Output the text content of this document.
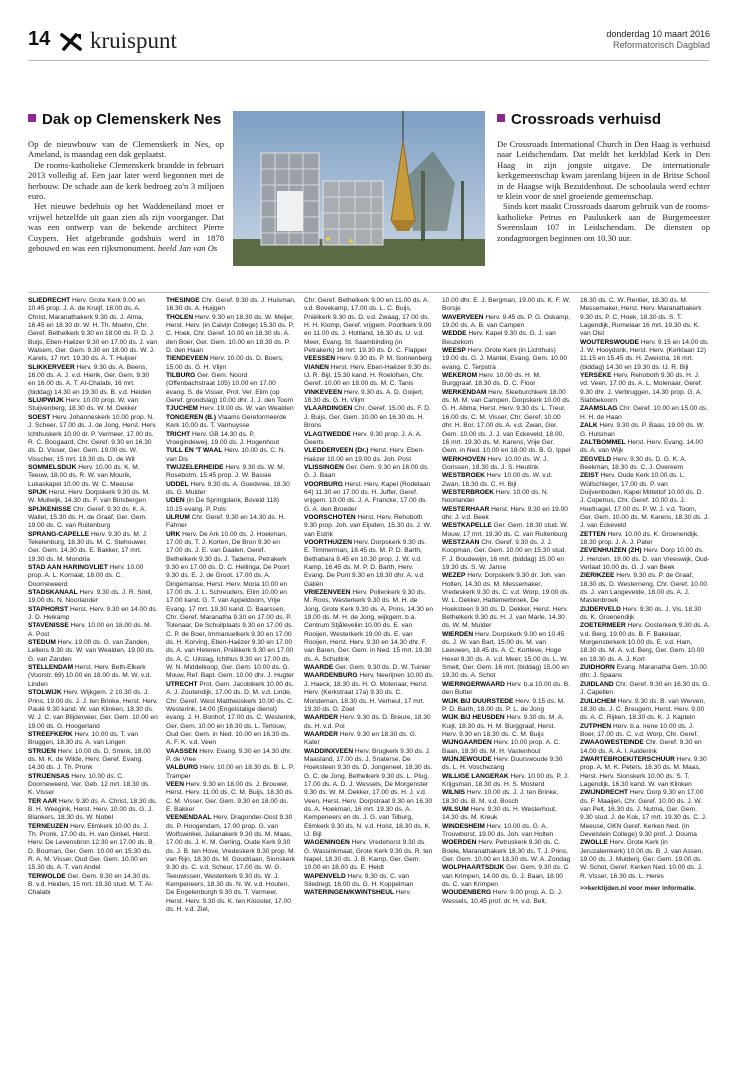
14 kruispunt	donderdag 10 maart 2016
Reformatorisch Dagblad
Dak op Clemenskerk Nes

Op de nieuwbouw van de Clemenskerk in Nes, op Ameland, is maandag een dak geplaatst.

De rooms-katholieke Clemenskerk brandde in februari 2013 volledig af. Een jaar later werd begonnen met de herbouw. De schade aan de kerk bedroeg zo'n 3 miljoen euro.

Het nieuwe bedehuis op het Waddeneiland moet er vrijwel hetzelfde uit gaan zien als zijn voorganger. Dat was een ontwerp van de bekende architect Pierre Cuypers. Het afgebrande godshuis werd in 1878 gebouwd en was een rijksmonument. beeld Jan van Os

Crossroads verhuisd

De Crossroads International Church in Den Haag is verhuisd naar Leidschendam. Dat meldt het kerkblad Kerk in Den Haag in zijn jongste uitgave. De internationale kerkgemeenschap kwam jarenlang bijeen in de Britse School in de Haagse wijk Bezuidenhout. De schoolaula werd echter te klein voor de snel groeiende gemeenschap.

Sinds kort maakt Crossroads daarom gebruik van de rooms-katholieke Petrus en Pauluskerk aan de Burgemeester Sweenslaan 107 in Leidschendam. De diensten op zondagmorgen beginnen om 10.30 uur.

SLIEDRECHT Herv. Grote Kerk 9.00 en 10.45 prop. J. A. de Kruijf, 18.00 ds. A. Christ, Maranathakerk 9.30 ds. J. Alma, 16.45 en 18.30 dr. W. H. Th. Moehn, Chr. Geref. Bethelkerk 9.30 en 18.00 ds. P. D. J. Buijs, Eben-Haëzer 9.30 en 17.00 ds. J. van Walsem, Ger. Gem. 9.30 en 18.00 ds. W. J. Karels, 17 mrt. 19.30 ds. A. T. Huijser

SLIKKERVEER Herv. 9.30 ds. A. Beens, 16.00 ds. A. J. v.d. Hierik, Ger. Gem. 9.30 en 16.00 ds. A. T. Al-Chalabi, 16 mrt. (biddag) 14.30 en 19.30 ds. B. v.d. Heiden

SLUIPWIJK Herv. 10.00 prop. W. van Stuijvenberg, 18.30 ds. W. M. Dekker

SOEST Herv. Johanneskerk 10.00 prop. N. J. Scheer, 17.00 ds. J. de Jong, Herst. Herv. Ichthuskerk 10.00 dr. P. Vermeer, 17.00 ds. R. C. Boogaard, Chr. Geref. 9.30 en 16.30 ds. D. Visser, Ger. Gem. 19.00 ds. W. Visscher, 15 mrt. 19.30 ds. D. de Wit

SOMMELSDIJK Herv. 10.00 ds. K. M. Teeuw, 18.00 ds. R. W. van Mourik, Lukaskapel 10.00 ds. W. C. Meeuse

SPIJK Herst. Herv. Dorpskerk 9.30 ds. M. W. Muilwijk, 14.30 ds. F. van Binsbergen

SPIJKENISSE Chr. Geref. 9.30 ds. K. A. Wallet, 15.30 ds. H. de Graaf, Ger. Gem. 19.00 ds. C. van Ruitenburg

SPRANG-CAPELLE Herv. 9.30 ds. M. J. Tekelenburg, 18.30 ds. M. C. Stehouwer, Ger. Gem. 14.30 ds. E. Bakker, 17 mrt. 19.30 ds. M. Mondria

STAD AAN HARINGVLIET Herv. 10.00 prop. A. L. Kornaat, 18.00 ds. C. Doorneweerd

STADSKANAAL Herv. 9.30 ds. J. R. Smit, 19.00 ds. N. Noorlander

STAPHORST Herst. Herv. 9.30 en 14.00 ds. J. D. Heikamp

STAVENISSE Herv. 10.00 en 18.00 ds. M. A. Post

STEDUM Herv. 19.00 ds. G. van Zanden, Lellens 9.30 ds. W. van Wealden, 19.00 ds. G. van Zanden

STELLENDAM Herst. Herv. Beth-Elkerk (Voorstr. 69) 10.00 en 18.00 ds. M. W. v.d. Linden

STOLWIJK Herv. Wijkgem. 2 10.30 ds. J. Prins, 19.00 ds. J. J. ten Brinke, Herst. Herv. Paulé 9.30 kand. W. van Klinken, 18.30 ds. W. J. C. van Blijderveer, Ger. Gem. 10.00 en 19.00 ds. G. Hoogerland

STREEFKERK Herv. 10.00 ds. T. van Bruggen, 18.30 ds. A. van Lingen

STRIJEN Herv. 10.00 ds. D. Smink, 18.00 ds. M. K. de Wilde, Herv. Geref. Evang. 14.30 ds. J. Th. Pronk

STRIJENSAS Herv. 10.00 ds. C. Doorneweerd, Ver. Geb. 12 mrt. 18.30 ds. K. Visser

TER AAR Herv. 9.30 ds. A. Christ, 18.30 ds. B. H. Weegink, Herst. Herv. 10.00 ds. G. J. Blankers, 18.30 ds. W. Nobel

TERNEUZEN Herv. Elimkerk 10.00 ds. J. Th. Pronk, 17.00 ds. H. van Ginkel, Herst. Herv. De Levensbron 12.30 en 17.00 ds. B. D. Bouman, Ger. Gem. 10.00 en 15.30 ds. R. A. M. Visser, Oud Ger. Gem. 10.00 en 15.30 ds. A. T. van Andel

TERWOLDE Ger. Gem. 9.30 en 14.30 ds. B. v.d. Heiden, 15 mrt. 19.30 stud. M. T. Al-Chalabi

THESINGE Chr. Geref. 9.30 ds. J. Huisman, 16.30 ds. A. Huijgen

THOLEN Herv. 9.30 en 18.30 ds. W. Meijer, Herst. Herv. (in Calvijn College) 15.30 ds. P. C. Hoek, Chr. Geref. 10.00 en 18.30 ds. A. den Boer, Ger. Gem. 10.00 en 18.30 ds. P. D. den Haan

TIENDEVEEN Herv. 10.00 ds. D. Boers, 15.00 ds. G. H. Vlijm

TILBURG Ger. Gem. Noord (Offenbachstraat 105) 10.00 en 17.00 evang. S. de Visser, Prot. Ver. Elim (op Geref. grondslag) 10.00 dhr. J. J. den Toom

TJUCHEM Herv. 19.00 ds. W. van Wealden

TONGEREN (B.) Vlaams Gereformeerde Kerk 10.00 ds. T. Vanhuysse

TRICHT Herv. GB 14.30 ds. P. Vroegindeweij, 19.00 ds. J. Hogenhout

TULL EN 'T WAAL Herv. 10.00 ds. C. N. van Dis

TWIJZELERHEIDE Herv. 9.30 ds. W. M. Rosebotm, 15.45 prop. J. W. Bassie

UDDEL Herv. 9.30 ds. A. Goedvree, 18.30 ds. G. Mulder

UDEN (in De Springplank, Boveld 118) 10.15 evang. P. Pols

ULRUM Chr. Geref. 9.30 en 14.30 ds. H. Fahner

URK Herv. De Ark 10.00 ds. J. Hoekman, 17.00 ds. T. J. Korten, De Bron 9.30 en 17.00 ds. J. E. van Daalen, Geref. Bethelkerk 9.30 ds. J. Tadema, Petrakerk 9.30 en 17.00 ds. D. C. Hellinga, De Poort 9.30 ds. E. J. de Groot, 17.00 ds. A. Dingemanse, Herst. Herv. Moria 10.00 en 17.00 ds. J. L. Schreuders, Elim 10.00 en 17.00 kand. G. T. van Appeldoorn, Vrije Evang. 17 mrt. 19.30 kand. D. Baarssen, Chr. Geref. Maranatha 9.30 en 17.00 ds. P. Tolenaar, De Schuilplaats 9.30 en 17.00 ds. C. P. de Boer, Immanuelkerk 9.30 en 17.00 ds. H. Korving, Eben-Haëzer 9.30 en 17.00 ds. A. van Heteren, Pniëlkerk 9.30 en 17.00 ds. A. C. Uitslag, Ichthus 9.30 en 17.00 ds. W. N. Middelkoop, Ger. Gem. 10.00 ds. G. Mouw, Ref. Bapt. Gem. 10.00 dhr. J. Hugter

UTRECHT Prot. Gem. Jacobikerk 10.00 ds. A. J. Zoutendijk, 17.00 ds. D. M. v.d. Linde, Chr. Geref. West Mattheüskerk 10.00 ds. C. Westerink, 14.00 (Engelstalige dienst) evang. J. H. Bonhof, 17.00 ds. C. Westerink, Ger. Gem. 10.00 en 16.30 ds. L. Terlouw, Oud Ger. Gem. in Ned. 10.00 en 16.30 ds. A. F. K. v.d. Veen

VAASSEN Herv. Evang. 9.30 en 14.30 dhr. P. de Vree

VALBURG Herv. 10.00 en 18.30 ds. B. L. P. Tramper

VEEN Herv. 9.30 en 18.00 ds. J. Brouwer, Herst. Herv. 11.00 ds. C. M. Buijs, 18.30 ds. C. M. Visser, Ger. Gem. 9.30 en 18.00 ds. E. Bakker

VEENENDAAL Herv. Dragonder-Oost 9.30 ds. P. Hoogendam, 17.00 prop. G. van Wolfswinkel, Julianakerk 9.30 ds. M. Maas, 17.00 ds. J. K. M. Gerling, Oude Kerk 9.30 ds. J. B. ten Hove, Vredeskerk 9.30 prop. M. van Rijn, 18.30 ds. M. Goudriaan, Sionskerk 9.30 ds. C. v.d. Scheur, 17.00 ds. W. G. Teeuwissen, Westerkerk 9.30 ds. W. J. Kempeneers, 18.30 ds. N. W. v.d. Houten, De Engelenburgh 9.30 ds. T. Vermeer, Herst. Herv. 9.30 ds. K. ten Klooster, 17.00 ds. H. v.d. Ziel,

Chr. Geref. Bethelkerk 9.00 en 11.00 ds. A. v.d. Bovekamp, 17.00 ds. L. C. Buijs, Pniëlkerk 9.30 ds. D. v.d. Zwaag, 17.00 ds. H. H. Klomp, Geref. vrijgem. Poortkerk 9.00 en 11.00 ds. J. Holtland, 16.30 ds. U. v.d. Meer, Evang. St. Saambinding (in Petrakerk) 16 mrt. 19.30 ds. D. C. Flapper

VEESSEN Herv. 9.30 ds. P. M. Sonnenberg

VIANEN Herst. Herv. Eben-Haëzer 9.30 ds. IJ. R. Bijl, 15.30 kand. H. Roelofsen, Chr. Geref. 10.00 en 18.00 ds. M. C. Tanis

VINKEVEEN Herv. 9.30 ds. A. D. Goijert, 18.30 ds. G. H. Vlijm

VLAARDINGEN Chr. Geref. 15.00 ds. F. D. J. Buijs, Ger. Gem. 10.00 en 16.30 ds. H. Brons

VLAGTWEDDE Herv. 9.30 prop. J. A. A. Geerts

VLEDDERVEEN (Dr.) Herst. Herv. Eben-Haëzer 10.00 en 19.00 ds. Joh. Post

VLISSINGEN Ger. Gem. 9.30 en 16.00 ds. G. J. Baan

VOORBURG Herst. Herv. Kapel (Rodelaan 64) 11.30 en 17.00 ds. H. Juffer, Geref. vrijgem. 10.00 ds. J. A. Francke, 17.00 ds. G. A. den Broeder

VOORSCHOTEN Herst. Herv. Rehoboth 9.30 prop. Joh. van Eijsden, 15.30 ds. J. W. van Estrik

VOORTHUIZEN Herv. Dorpskerk 9.30 ds. E. Timmerman, 18.45 ds. M. P. D. Barth, Bethabara 8.45 en 10.30 prop. J. W. v.d. Kamp, 16.45 ds. M. P. D. Barth, Herv. Evang. De Punt 9.30 en 18.30 dhr. A. v.d. Galiën

VRIEZENVEEN Herv. Pollenkerk 9.30 ds. M. Roos, Westerkerk 9.30 ds. M. H. de Jong, Grote Kerk 9.30 ds. A. Prins, 14.30 en 19.00 ds. M. H. de Jong, wijkgem. b.a. Centrum Stjåleveliin 10.00 ds. E. van Rooijen, Westerkerk 19.00 ds. E. van Rooijen, Herst. Herv. 9.30 en 14.30 dhr. F. van Baren, Ger. Gem. in Ned. 15 mrt. 19.30 ds. A. Schultink

WAARDE Ger. Gem. 9.30 ds. D. W. Tuinier

WAARDENBURG Herv. Neerijnen 10.00 ds. J. Haeck, 18.30 ds. H. O. Molenaar, Herst. Herv. (Kerkstraat 17a) 9.30 ds. C. Mondeman, 18.30 ds. H. Verheul, 17 mrt. 19.30 ds. D. Zoet

WAARDER Herv. 9.30 ds. D. Breure, 18.30 ds. H. v.d. Pol

WAARDER Herv. 9.30 en 18.30 ds. G. Kater

WADDINXVEEN Herv. Brugkerk 9.30 ds. J. Maasland, 17.00 ds. J. Snaterse, De Hoeksteen 9.30 ds. D. Jongeneel, 18.30 ds. G. C. de Jong, Bethelkerk 9.30 ds. L. Plug, 17.00 ds. A. D. J. Wessels, De Morgenster 9.30 ds. W. M. Dekker, 17.00 ds. H. J. v.d. Veen, Herst. Herv. Dorpstraat 9.30 en 16.30 ds. A. Hoekman, 16 mrt. 19.30 ds. A. Kempeneers en ds. J. G. van Tilburg, Elimkerk 9.30 ds. N. v.d. Holst, 18.30 ds. K. IJ. Bijl

WAGENINGEN Herv. Vredehorst 9.30 ds. G. Wassinkmaat, Grote Kerk 9.30 ds. R. ten Napel, 18.30 ds. J. B. Kamp, Ger. Gem. 10.00 en 18.00 ds. E. Heldt

WAPENVELD Herv. 9.30 ds. C. van Sliedregt, 16.00 ds. G. H. Koppelman

WATERINGEN/KWINTSHEUL Herv.

10.00 dhr. E. J. Bergman, 19.00 ds. K. F. W. Borsje

WAVERVEEN Herv. 9.45 ds. P. G. Oskamp, 19.00 ds. A. B. van Campen

WEDDE Herv. Kapel 9.30 ds. G. J. van Beuzekom

WEESP Herv. Grote Kerk (in Lichthuis) 19.00 ds. G. J. Mantel, Evang. Gem. 10.00 evang. C. Terpstra

WEKEROM Herv. 10.00 ds. H. M. Burggraaf, 18.30 ds. D. C. Floor

WERKENDAM Herv. Sleeburchkerk 18.00 ds. M. M. van Campen, Dorpskerk 10.00 ds. G. H. Abma, Herst. Herv. 9.30 ds. L. Treur, 16.00 ds. C. M. Visser, Chr. Geref. 10.00 dhr. H. Bor, 17.00 ds. A. v.d. Zwan, Ger. Gem. 10.00 ds. J. J. van Eckeveld, 18.00, 16 mrt. 19.30 ds. M. Karens, Vrije Ger. Gem. in Ned. 10.00 en 18.00 ds. B. G. Ippel

WERKHOVEN Herv. 10.00 ds. W. J. Gorissen, 18.30 ds. J. S. Heutink

WESTBROEK Herv. 10.00 ds. W. v.d. Zwan, 18.30 ds. C. H. Bijl

WESTERBROEK Herv. 10.00 ds. N. Noorlander

WESTERHAAR Herst. Herv. 9.30 en 19.00 dhr. J. v.d. Beek

WESTKAPELLE Ger. Gem. 18.30 stud. W. Mouw, 17 mrt. 19.30 ds. C. van Ruitenburg

WESTZAAN Chr. Geref. 9.30 ds. J. J. Koopman, Ger. Gem. 10.00 en 15.30 stud. F. J. Boudewijn, 16 mrt. (biddag) 15.00 en 19.30 ds. S. W. Janse

WEZEP Herv. Dorpskerk 9.30 dr. Joh. van Holten, 14.30 ds. M. Messemaker, Vredeskerk 9.30 ds. C. v.d. Worp, 19.00 ds. W. L. Dekker, Hattemerbroek, De Hoeksteen 9.30 ds. D. Dekker, Herst. Herv. Bethelkerk 9.30 ds. H. J. van Marle, 14.30 ds. W. M. Mulder

WIERDEN Herv. Dorpskerk 9.00 en 10.45 ds. J. W. van Bart, 15.00 ds. M. van Leeuwen, 18.45 ds. A. C. Kortleve, Hoge Hexel 9.30 ds. A. v.d. Meer, 15.00 ds. L. W. Smelt, Ger. Gem. 16 mrt. (biddag) 15.00 en 19.30 ds. A. Schot

WIERINGERWAARD Herv. b.a 10.00 ds. B. den Butter

WIJK BIJ DUURSTEDE Herv. 9.15 ds. M. P. D. Barth, 18.00 ds. P. L. de Jong

WIJK BIJ HEUSDEN Herv. 9.30 ds. M. A. Kuijt, 18.30 ds. H. M. Burggraaf, Herst. Herv. 9.30 en 18.30 ds. C. M. Buijs

WIJNGAARDEN Herv. 10.00 prop. A. C. Baan, 18.30 ds. M. H. Vastenhout

WIJNJEWOUDE Herv. Duurswoude 9.30 ds. L. H. Voschezang

WILLIGE LANGERAK Herv. 10.00 ds. P. J. Krijgsman, 18.30 ds. H. S. Mosterd

WILNIS Herv. 10.00 ds. J. J. ten Brinke, 18.30 ds. B. M. v.d. Bosch

WILSUM Herv. 9.30 ds. H. Westerhout, 14.30 ds. M. Kreuk

WINDESHEIM Herv. 10.00 ds. G. A. Trouwborst, 19.00 ds. Joh. van Holten

WOERDEN Herv. Petruskerk 9.30 ds. C. Boele, Maranathakerk 18.30 ds. T. J. Prins, Ger. Gem. 10.00 en 18.30 ds. W. A. Zondag

WOLPHAARTSDIJK Ger. Gem. 9.30 ds. C. van Krimpen, 14.00 ds. G. J. Baan, 18.00 ds. C. van Krimpen

WOUDENBERG Herv. 9.00 prop. A. D. J. Wessels, 10.45 prof. dr. H. v.d. Belt,

16.30 ds. C. W. Rentier, 18.30 ds. M. Messemaker, Herst. Herv. Maranathakerk 9.30 ds. P. C. Hoek, 18.30 ds. S. T. Lagendijk, Rumelaar 16 mrt. 19.30 ds. K. van Olst

WOUTERSWOUDE Herv. 9.15 en 14.00 ds. J. W. Hooydonk, Herst. Herv. (Kerklaan 12) 11.15 en 15.45 ds. H. Zweistra, 16 mrt. (biddag) 14.30 en 19.30 ds. IJ. R. Bijl

YERSEKE Herv. Rehoboth 9.30 ds. H. J. vd. Veen, 17.00 ds. A. L. Molenaar, Geref. 9.30 dhr. J. Verbruggen, 14.30 prop. G. A. Slabbekoorn

ZAAMSLAG Chr. Geref. 10.00 en 15.00 ds. H. H. de Haan

ZALK Herv. 9.30 ds. P. Baas, 19.00 ds. W. G. Hulsman

ZALTBOMMEL Herst. Herv. Evang. 14.00 ds. A. van Wijk

ZEGVELD Herv. 9.30 ds. D. G. K. A. Beekman, 18.30 ds. C. J. Overeem

ZEIST Herv. Oude Kerk 10.00 ds. L. Wüllschleger, 17.00 ds. P. van Duijvenboden, Kapel Mitteltof 10.00 ds. D. J. Copetrus, Chr. Geref. 10.00 ds. J. Hoefnagel, 17.00 ds. P. W. J. v.d. Toorn, Ger. Gem. 10.00 ds. M. Karens, 18.30 ds. J. J. van Eckeveld

ZETTEN Herv. 10.00 ds. K. Groenendijk, 18.30 prop. J. A. J. Pater

ZEVENHUIZEN (ZH) Herv. Dorp 10.00 ds. J. Henzen, 19.00 ds. D. van Vreeswijk, Oud-Verlaat 10.00 ds. G. J. van Beek

ZIERIKZEE Herv. 9.30 ds. P. de Graaf, 18.30 ds. D. Westerneng, Chr. Geref. 10.00 ds. J. van Langevelde, 18.00 ds. A. J. Mastenbroek

ZIJDERVELD Herv. 9.30 ds. J. Vis, 18.30 ds. K. Groenendijk

ZOETERMEER Herv. Oosterkerk 9.30 ds. A. v.d. Berg, 19.00 ds. B. F. Bakelaar, Morgensterkerk 10.00 ds. E. v.d. Ham, 18.30 ds. M. A. v.d. Berg, Ger. Gem. 10.00 en 18.30 ds. A. J. Kort

ZUIDHORN Evang. Maranatha Gem. 10.00 dhr. J. Spaans

ZUIDLAND Chr. Geref. 9.30 en 16.30 ds. G. J. Capellen

ZUILICHEM Herv. 9.30 ds. B. van Werven, 18.30 ds. J. C. Breugem, Herst. Herv. 9.00 ds. A. C. Rijken, 18.30 ds. K. J. Kaptein

ZUTPHEN Herv. b.a. Irene 10.00 ds. J. Boer, 17.00 ds. C. v.d. Worp, Chr. Geref.

ZWAAGWESTEINDE Chr. Geref. 9.30 en 14.00 ds. A. A. I. Aalderink

ZWARTEBROEK/TERSCHUUR Herv. 9.30 prop. A. M. K. Peters, 18.30 ds. M. Maas, Herst. Herv. Sionskerk 10.00 ds. S. T. Lagendijk, 16.30 kand. W. van Klinken

ZWIJNDRECHT Herv. Dorp 9.30 en 17.00 ds. F. Maaijen, Chr. Geref. 10.00 ds. J. W. van Pelt, 16.30 ds. J. Nutma, Ger. Gem. 9.30 stud. J. de Kok, 17 mrt. 19.30 ds. C. J. Meeuse, GKN Geref. Kerken Ned. (in Develstein College) 9.30 prof. J. Douma

ZWOLLE Herv. Grote Kerk (in Jeruzalemkerk) 10.00 ds. B. J. van Assen, 19.00 ds. J. Mulderij, Ger. Gem. 19.00 ds. W. Schot, Geref. Kerken Ned. 10.00 ds. J. R. Visser, 16.30 ds. L. Heres

>>kerktijden.nl voor meer informatie.
